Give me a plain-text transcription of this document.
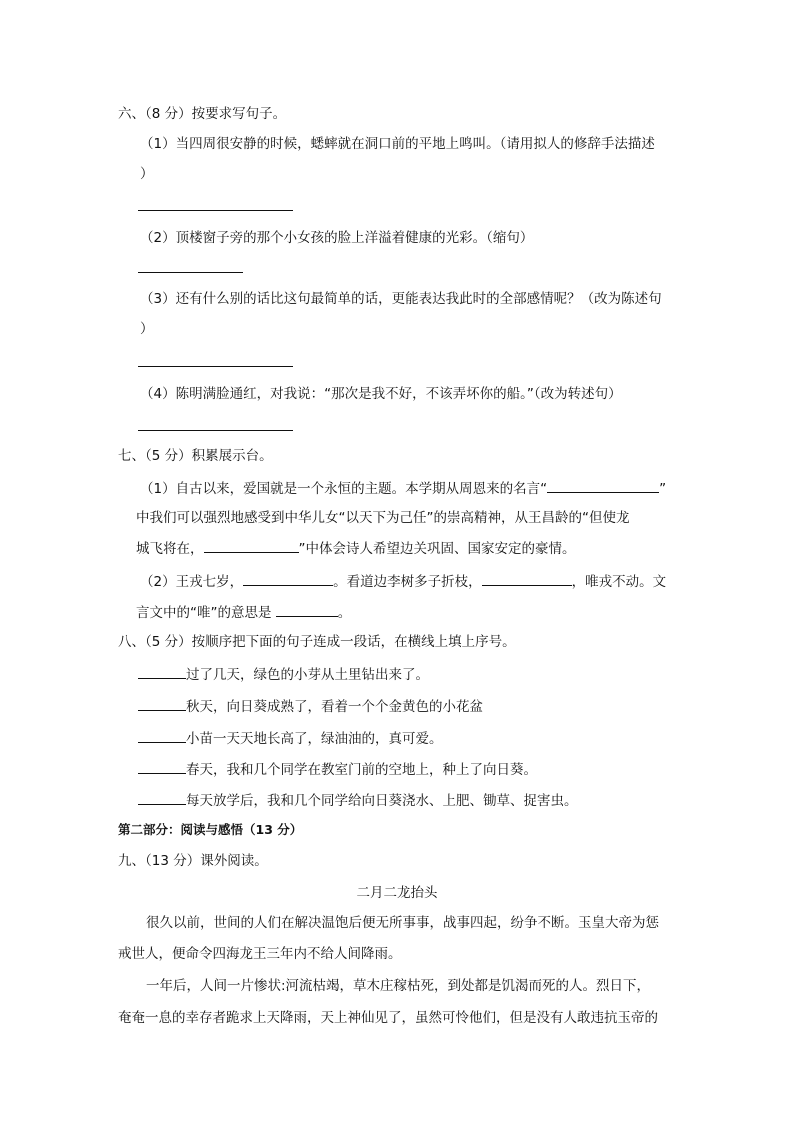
六、（8 分）按要求写句子。
（1）当四周很安静的时候，蟋蟀就在洞口前的平地上鸣叫。（请用拟人的修辞手法描述
）
（2）顶楼窗子旁的那个小女孩的脸上洋溢着健康的光彩。（缩句）
（3）还有什么别的话比这句最简单的话，更能表达我此时的全部感情呢？（改为陈述句
）
（4）陈明满脸通红，对我说：“那次是我不好，不该弄坏你的船。”（改为转述句）
七、（5 分）积累展示台。
（1）自古以来，爱国就是一个永恒的主题。本学期从周恩来的名言“	”
中我们可以强烈地感受到中华儿女“以天下为己任”的崇高精神，从王昌龄的“但使龙
城飞将在，	”中体会诗人希望边关巩固、国家安定的豪情。
（2）王戎七岁，	。看道边李树多子折枝，	，唯戎不动。文
言文中的“唯”的意思是	。
八、（5 分）按顺序把下面的句子连成一段话，在横线上填上序号。
过了几天，绿色的小芽从土里钻出来了。
秋天，向日葵成熟了，看着一个个金黄色的小花盆
小苗一天天地长高了，绿油油的，真可爱。
春天，我和几个同学在教室门前的空地上，种上了向日葵。
每天放学后，我和几个同学给向日葵浇水、上肥、锄草、捉害虫。
第二部分：阅读与感悟（13 分）
九、（13 分）课外阅读。
二月二龙抬头
很久以前，世间的人们在解决温饱后便无所事事，战事四起，纷争不断。玉皇大帝为惩
戒世人，便命令四海龙王三年内不给人间降雨。
一年后，人间一片惨状:河流枯竭，草木庄稼枯死，到处都是饥渴而死的人。烈日下，
奄奄一息的幸存者跪求上天降雨，天上神仙见了，虽然可怜他们，但是没有人敢违抗玉帝的
